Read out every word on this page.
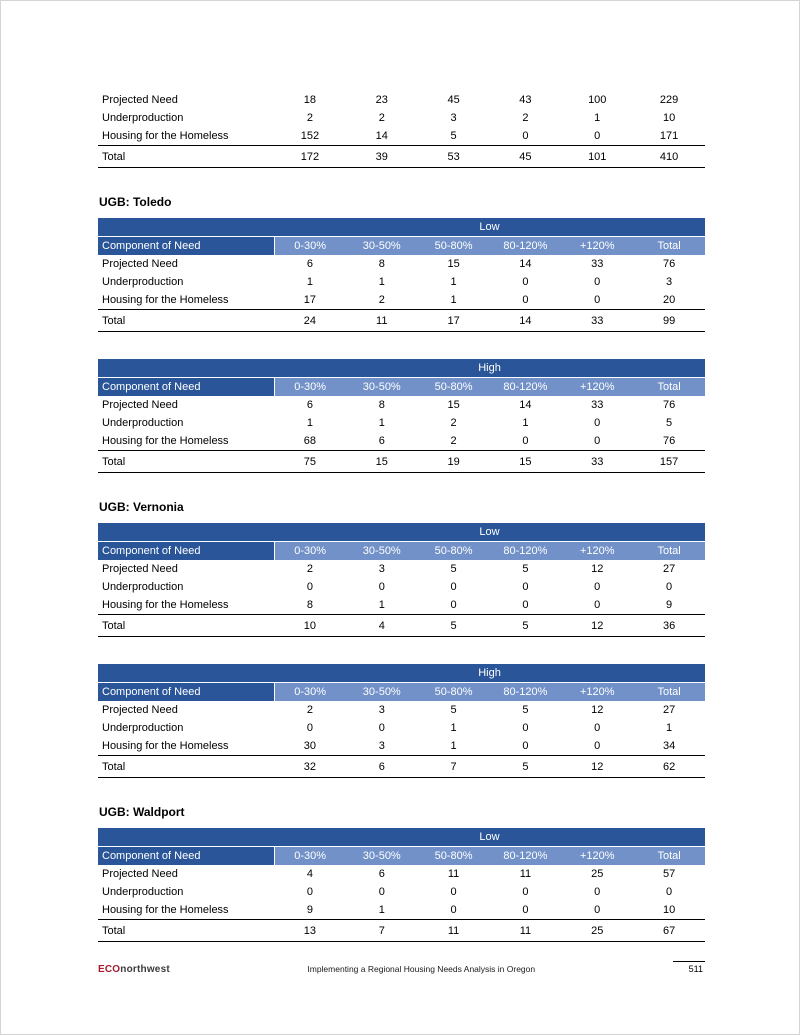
Projected Need	18	23	45	43	100	229
Underproduction	2	2	3	2	1	10
Housing for the Homeless	152	14	5	0	0	171
Total	172	39	53	45	101	410
UGB: Toledo
	Low					
Component of Need	0-30%	30-50%	50-80%	80-120%	+120%	Total
Projected Need	6	8	15	14	33	76
Underproduction	1	1	1	0	0	3
Housing for the Homeless	17	2	1	0	0	20
Total	24	11	17	14	33	99
	High					
Component of Need	0-30%	30-50%	50-80%	80-120%	+120%	Total
Projected Need	6	8	15	14	33	76
Underproduction	1	1	2	1	0	5
Housing for the Homeless	68	6	2	0	0	76
Total	75	15	19	15	33	157
UGB: Vernonia
	Low					
Component of Need	0-30%	30-50%	50-80%	80-120%	+120%	Total
Projected Need	2	3	5	5	12	27
Underproduction	0	0	0	0	0	0
Housing for the Homeless	8	1	0	0	0	9
Total	10	4	5	5	12	36
	High					
Component of Need	0-30%	30-50%	50-80%	80-120%	+120%	Total
Projected Need	2	3	5	5	12	27
Underproduction	0	0	1	0	0	1
Housing for the Homeless	30	3	1	0	0	34
Total	32	6	7	5	12	62
UGB: Waldport
	Low					
Component of Need	0-30%	30-50%	50-80%	80-120%	+120%	Total
Projected Need	4	6	11	11	25	57
Underproduction	0	0	0	0	0	0
Housing for the Homeless	9	1	0	0	0	10
Total	13	7	11	11	25	67
ECOnorthwest	Implementing a Regional Housing Needs Analysis in Oregon	511
